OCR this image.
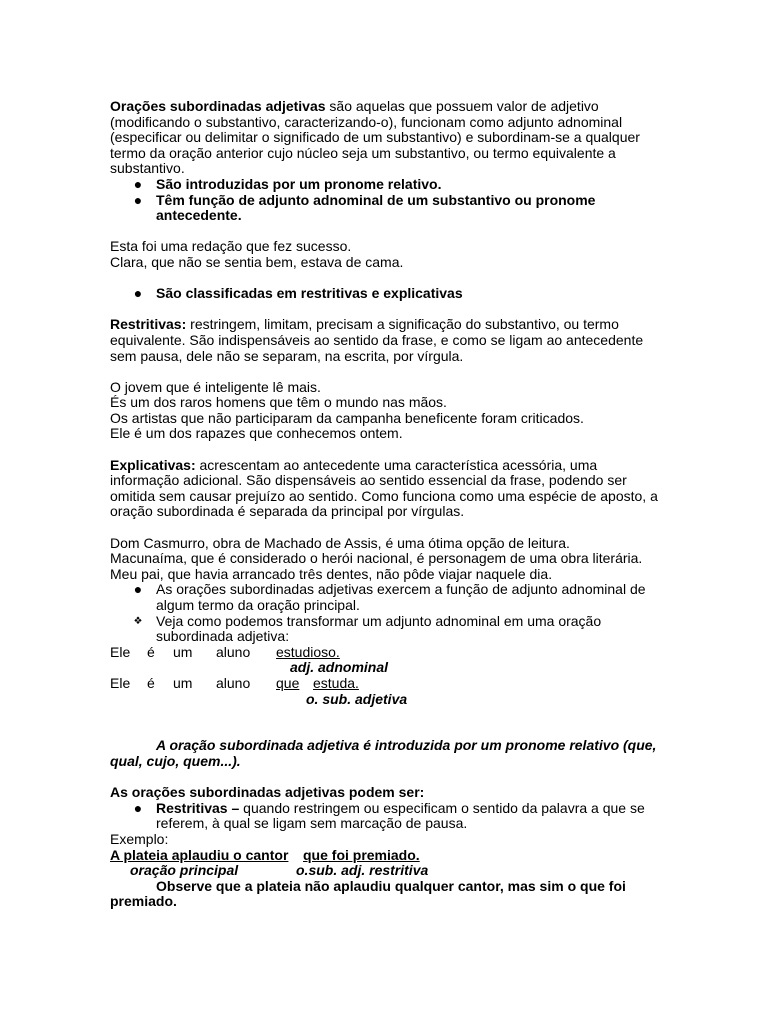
Orações subordinadas adjetivas são aquelas que possuem valor de adjetivo (modificando o substantivo, caracterizando-o), funcionam como adjunto adnominal (especificar ou delimitar o significado de um substantivo) e subordinam-se a qualquer termo da oração anterior cujo núcleo seja um substantivo, ou termo equivalente a substantivo.

● São introduzidas por um pronome relativo.
● Têm função de adjunto adnominal de um substantivo ou pronome antecedente.

Esta foi uma redação que fez sucesso.

Clara, que não se sentia bem, estava de cama.

● São classificadas em restritivas e explicativas

Restritivas: restringem, limitam, precisam a significação do substantivo, ou termo equivalente. São indispensáveis ao sentido da frase, e como se ligam ao antecedente sem pausa, dele não se separam, na escrita, por vírgula.

O jovem que é inteligente lê mais.

És um dos raros homens que têm o mundo nas mãos.

Os artistas que não participaram da campanha beneficente foram criticados.

Ele é um dos rapazes que conhecemos ontem.

Explicativas: acrescentam ao antecedente uma característica acessória, uma informação adicional. São dispensáveis ao sentido essencial da frase, podendo ser omitida sem causar prejuízo ao sentido. Como funciona como uma espécie de aposto, a oração subordinada é separada da principal por vírgulas.

Dom Casmurro, obra de Machado de Assis, é uma ótima opção de leitura.

Macunaíma, que é considerado o herói nacional, é personagem de uma obra literária.

Meu pai, que havia arrancado três dentes, não pôde viajar naquele dia.

● As orações subordinadas adjetivas exercem a função de adjunto adnominal de algum termo da oração principal.
❖ Veja como podemos transformar um adjunto adnominal em uma oração subordinada adjetiva:
Ele é um aluno estudioso.
adj. adnominal
Ele é um aluno que estuda.
o. sub. adjetiva

A oração subordinada adjetiva é introduzida por um pronome relativo (que, qual, cujo, quem...).

As orações subordinadas adjetivas podem ser:

● Restritivas – quando restringem ou especificam o sentido da palavra a que se referem, à qual se ligam sem marcação de pausa.

Exemplo:

A plateia aplaudiu o cantor que foi premiado.
oração principal	o.sub. adj. restritiva

Observe que a plateia não aplaudiu qualquer cantor, mas sim o que foi premiado.
